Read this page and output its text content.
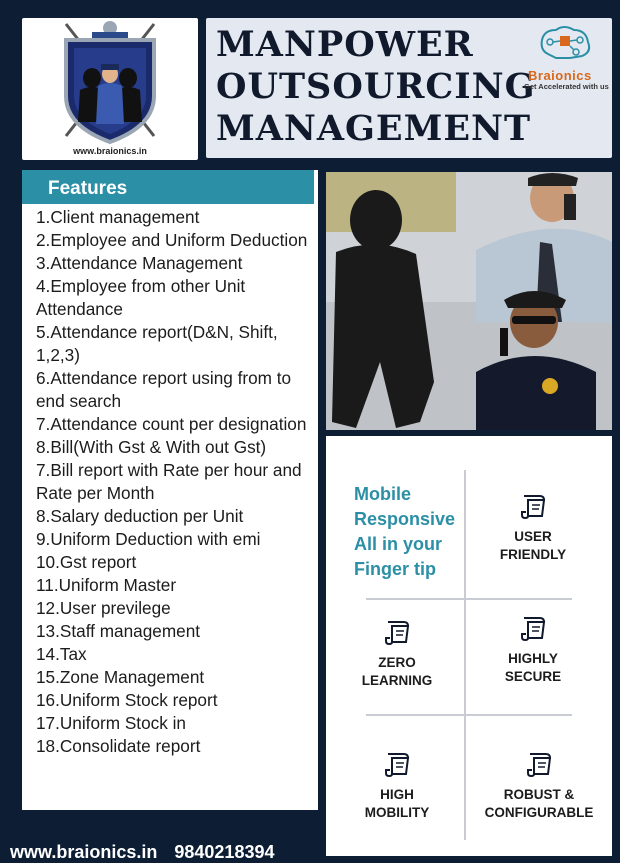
www.braionics.in
MANPOWER
OUTSOURCING
MANAGEMENT
Braionics
Get Accelerated with us
Features
1.Client management
2.Employee and Uniform Deduction
3.Attendance Management
4.Employee from other Unit Attendance
5.Attendance report(D&N, Shift, 1,2,3)
6.Attendance report using from to end search
7.Attendance count per designation
8.Bill(With Gst & With out Gst)
7.Bill report with Rate per hour and Rate per Month
8.Salary deduction per Unit
9.Uniform Deduction with emi
10.Gst report
11.Uniform Master
12.User previlege
13.Staff management
14.Tax
15.Zone Management
16.Uniform Stock report
17.Uniform Stock in
18.Consolidate report
Mobile Responsive All in your Finger tip
USER
FRIENDLY
ZERO
LEARNING
HIGHLY
SECURE
HIGH
MOBILITY
ROBUST &
CONFIGURABLE
www.braionics.in 9840218394
